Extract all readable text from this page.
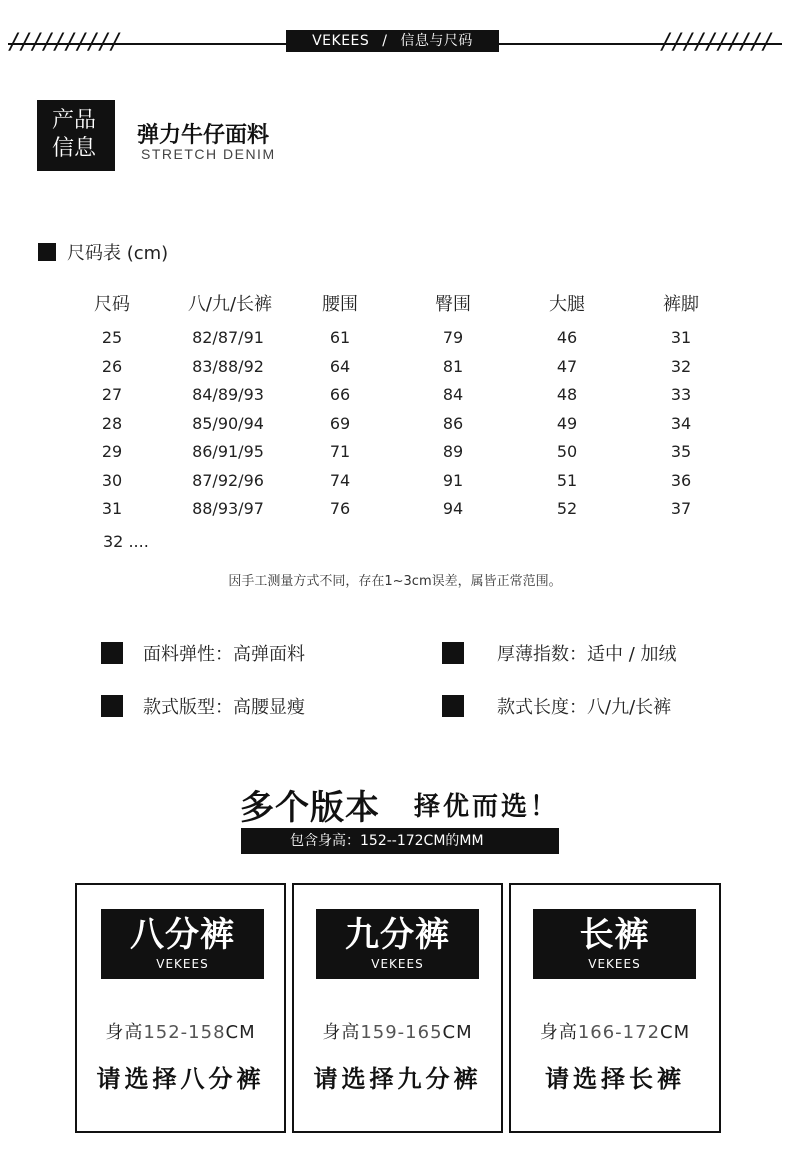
//////////	//////////
VEKEES / 信息与尺码
产品
信息
弹力牛仔面料
STRETCH DENIM
尺码表 (cm)
尺码	八/九/长裤	腰围	臀围	大腿	裤脚
25	82/87/91	61	79	46	31
26	83/88/92	64	81	47	32
27	84/89/93	66	84	48	33
28	85/90/94	69	86	49	34
29	86/91/95	71	89	50	35
30	87/92/96	74	91	51	36
31	88/93/97	76	94	52	37
32 ....
因手工测量方式不同，存在1~3cm误差，属皆正常范围。
面料弹性：高弹面料	厚薄指数：适中 / 加绒
款式版型：高腰显瘦	款式长度：八/九/长裤
多个版本 择优而选！
包含身高：152--172CM的MM
八分裤
VEKEES
身高152-158CM
请选择八分裤
九分裤
VEKEES
身高159-165CM
请选择九分裤
长裤
VEKEES
身高166-172CM
请选择长裤
